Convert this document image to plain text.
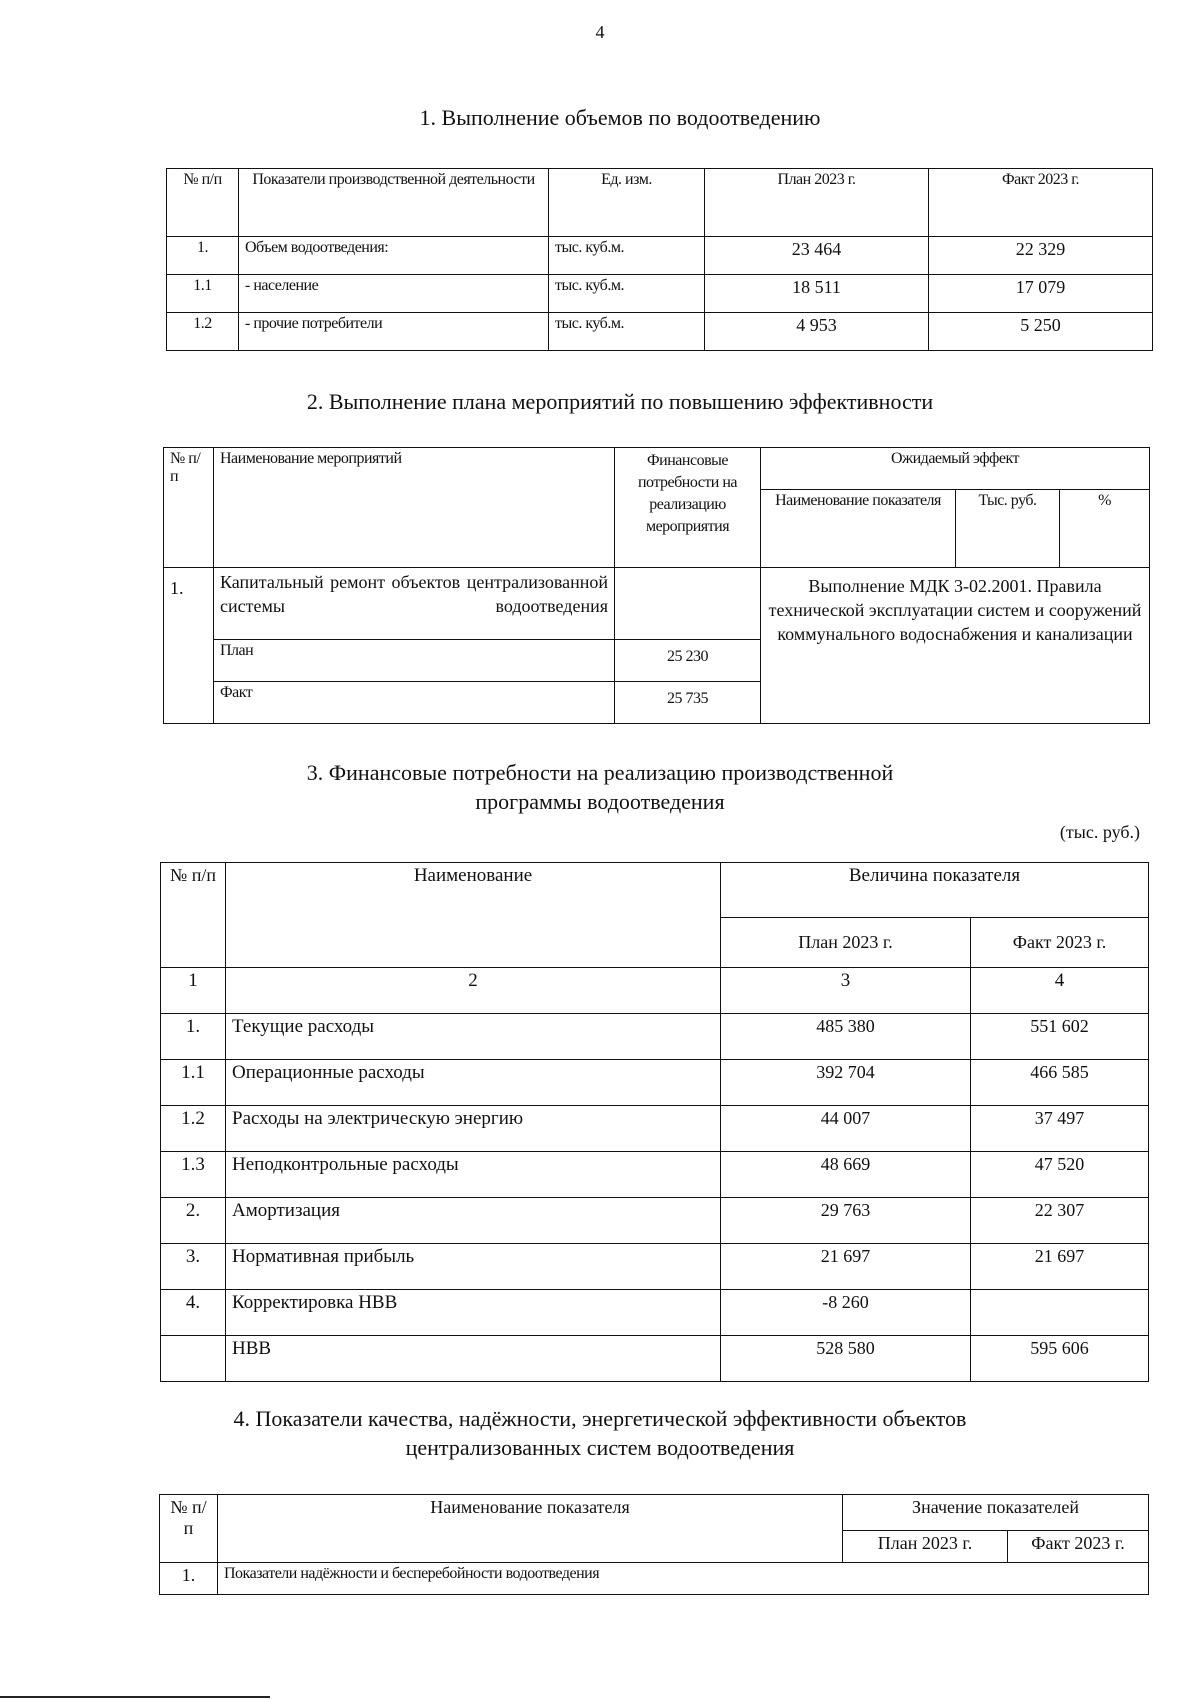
4
1. Выполнение объемов по водоотведению
№ п/п	Показатели производственной деятельности	Ед. изм.	План 2023 г.	Факт 2023 г.
1.	Объем водоотведения:	тыс. куб.м.	23 464	22 329
1.1	- население	тыс. куб.м.	18 511	17 079
1.2	- прочие потребители	тыс. куб.м.	4 953	5 250
2. Выполнение плана мероприятий по повышению эффективности
№ п/п	Наименование мероприятий	Финансовые потребности на реализацию мероприятия	Ожидаемый эффект		
			Наименование показателя	Тыс. руб.	%
1.	Капитальный ремонт объектов централизованной системы водоотведения		Выполнение МДК 3-02.2001. Правила технической эксплуатации систем и сооружений коммунального водоснабжения и канализации		
	План	25 230			
	Факт	25 735			
3. Финансовые потребности на реализацию производственной
программы водоотведения
(тыс. руб.)
№ п/п	Наименование	Величина показателя	
		План 2023 г.	Факт 2023 г.
1	2	3	4
1.	Текущие расходы	485 380	551 602
1.1	Операционные расходы	392 704	466 585
1.2	Расходы на электрическую энергию	44 007	37 497
1.3	Неподконтрольные расходы	48 669	47 520
2.	Амортизация	29 763	22 307
3.	Нормативная прибыль	21 697	21 697
4.	Корректировка НВВ	-8 260	
	НВВ	528 580	595 606
4. Показатели качества, надёжности, энергетической эффективности объектов
централизованных систем водоотведения
№ п/п	Наименование показателя	Значение показателей	
		План 2023 г.	Факт 2023 г.
1.	Показатели надёжности и бесперебойности водоотведения		
